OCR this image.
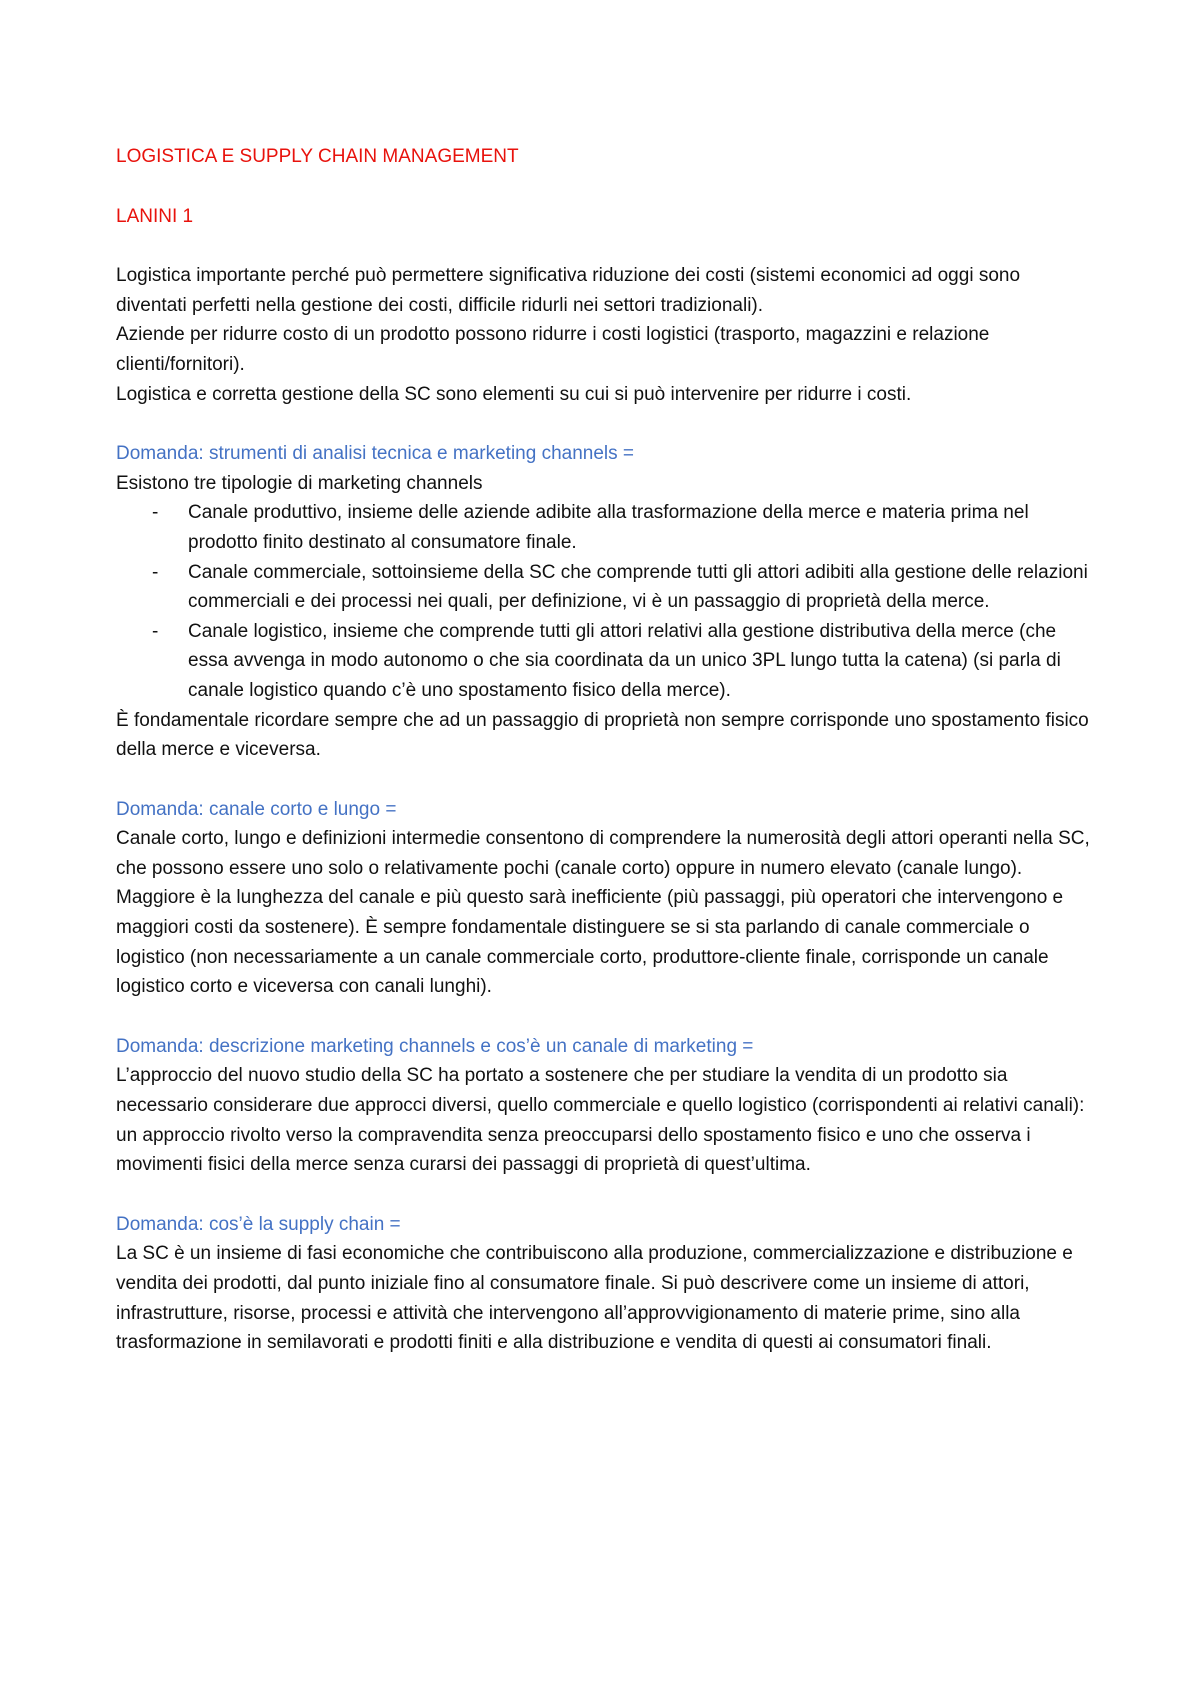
LOGISTICA E SUPPLY CHAIN MANAGEMENT
LANINI 1

Logistica importante perché può permettere significativa riduzione dei costi (sistemi economici ad oggi sono diventati perfetti nella gestione dei costi, difficile ridurli nei settori tradizionali).

Aziende per ridurre costo di un prodotto possono ridurre i costi logistici (trasporto, magazzini e relazione clienti/fornitori).

Logistica e corretta gestione della SC sono elementi su cui si può intervenire per ridurre i costi.

Domanda: strumenti di analisi tecnica e marketing channels =

Esistono tre tipologie di marketing channels

- Canale produttivo, insieme delle aziende adibite alla trasformazione della merce e materia prima nel prodotto finito destinato al consumatore finale.
- Canale commerciale, sottoinsieme della SC che comprende tutti gli attori adibiti alla gestione delle relazioni commerciali e dei processi nei quali, per definizione, vi è un passaggio di proprietà della merce.
- Canale logistico, insieme che comprende tutti gli attori relativi alla gestione distributiva della merce (che essa avvenga in modo autonomo o che sia coordinata da un unico 3PL lungo tutta la catena) (si parla di canale logistico quando c’è uno spostamento fisico della merce).

È fondamentale ricordare sempre che ad un passaggio di proprietà non sempre corrisponde uno spostamento fisico della merce e viceversa.

Domanda: canale corto e lungo =

Canale corto, lungo e definizioni intermedie consentono di comprendere la numerosità degli attori operanti nella SC, che possono essere uno solo o relativamente pochi (canale corto) oppure in numero elevato (canale lungo). Maggiore è la lunghezza del canale e più questo sarà inefficiente (più passaggi, più operatori che intervengono e maggiori costi da sostenere). È sempre fondamentale distinguere se si sta parlando di canale commerciale o logistico (non necessariamente a un canale commerciale corto, produttore-cliente finale, corrisponde un canale logistico corto e viceversa con canali lunghi).

Domanda: descrizione marketing channels e cos’è un canale di marketing =

L’approccio del nuovo studio della SC ha portato a sostenere che per studiare la vendita di un prodotto sia necessario considerare due approcci diversi, quello commerciale e quello logistico (corrispondenti ai relativi canali): un approccio rivolto verso la compravendita senza preoccuparsi dello spostamento fisico e uno che osserva i movimenti fisici della merce senza curarsi dei passaggi di proprietà di quest’ultima.

Domanda: cos’è la supply chain =

La SC è un insieme di fasi economiche che contribuiscono alla produzione, commercializzazione e distribuzione e vendita dei prodotti, dal punto iniziale fino al consumatore finale. Si può descrivere come un insieme di attori, infrastrutture, risorse, processi e attività che intervengono all’approvvigionamento di materie prime, sino alla trasformazione in semilavorati e prodotti finiti e alla distribuzione e vendita di questi ai consumatori finali.
